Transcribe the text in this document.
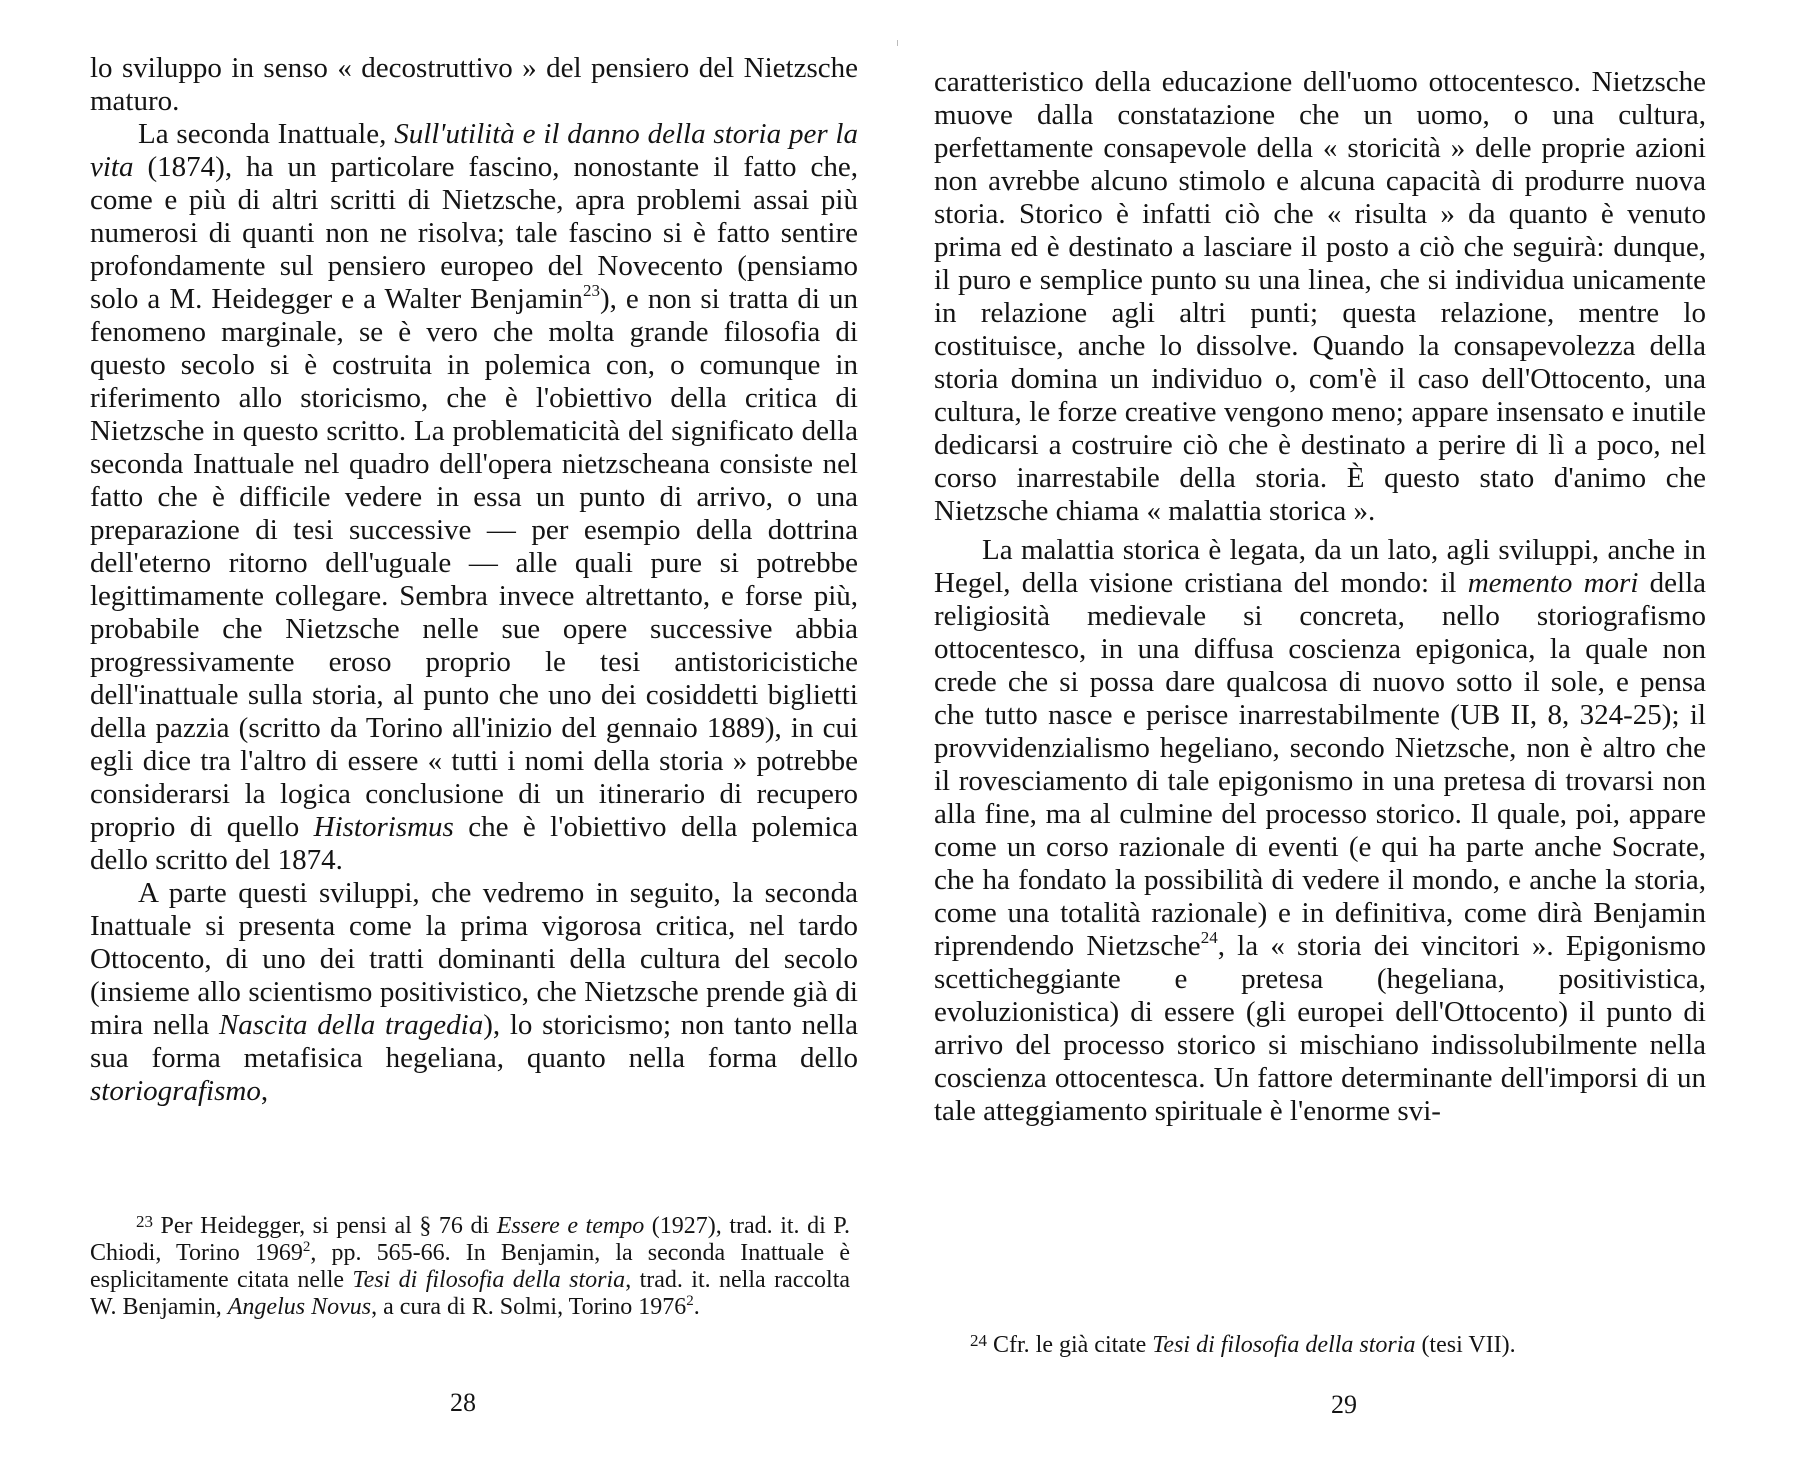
lo sviluppo in senso « decostruttivo » del pensiero del Nietzsche maturo.

La seconda Inattuale, Sull'utilità e il danno della storia per la vita (1874), ha un particolare fascino, nonostante il fatto che, come e più di altri scritti di Nietzsche, apra problemi assai più numerosi di quanti non ne risolva; tale fascino si è fatto sentire profondamente sul pensiero europeo del Novecento (pensiamo solo a M. Heidegger e a Walter Benjamin$^{23}$), e non si tratta di un fenomeno marginale, se è vero che molta grande filosofia di questo secolo si è costruita in polemica con, o comunque in riferimento allo storicismo, che è l'obiettivo della critica di Nietzsche in questo scritto. La problematicità del significato della seconda Inattuale nel quadro dell'opera nietzscheana consiste nel fatto che è difficile vedere in essa un punto di arrivo, o una preparazione di tesi successive — per esempio della dottrina dell'eterno ritorno dell'uguale — alle quali pure si potrebbe legittimamente collegare. Sembra invece altrettanto, e forse più, probabile che Nietzsche nelle sue opere successive abbia progressivamente eroso proprio le tesi antistoricistiche dell'inattuale sulla storia, al punto che uno dei cosiddetti biglietti della pazzia (scritto da Torino all'inizio del gennaio 1889), in cui egli dice tra l'altro di essere « tutti i nomi della storia » potrebbe considerarsi la logica conclusione di un itinerario di recupero proprio di quello Historismus che è l'obiettivo della polemica dello scritto del 1874.

A parte questi sviluppi, che vedremo in seguito, la seconda Inattuale si presenta come la prima vigorosa critica, nel tardo Ottocento, di uno dei tratti dominanti della cultura del secolo (insieme allo scientismo positivistico, che Nietzsche prende già di mira nella Nascita della tragedia), lo storicismo; non tanto nella sua forma metafisica hegeliana, quanto nella forma dello storiografismo,

$^{23}$ Per Heidegger, si pensi al § 76 di Essere e tempo (1927), trad. it. di P. Chiodi, Torino 1969$^2$, pp. 565-66. In Benjamin, la seconda Inattuale è esplicitamente citata nelle Tesi di filosofia della storia, trad. it. nella raccolta W. Benjamin, Angelus Novus, a cura di R. Solmi, Torino 1976$^2$.

28

caratteristico della educazione dell'uomo ottocentesco. Nietzsche muove dalla constatazione che un uomo, o una cultura, perfettamente consapevole della « storicità » delle proprie azioni non avrebbe alcuno stimolo e alcuna capacità di produrre nuova storia. Storico è infatti ciò che « risulta » da quanto è venuto prima ed è destinato a lasciare il posto a ciò che seguirà: dunque, il puro e semplice punto su una linea, che si individua unicamente in relazione agli altri punti; questa relazione, mentre lo costituisce, anche lo dissolve. Quando la consapevolezza della storia domina un individuo o, com'è il caso dell'Ottocento, una cultura, le forze creative vengono meno; appare insensato e inutile dedicarsi a costruire ciò che è destinato a perire di lì a poco, nel corso inarrestabile della storia. È questo stato d'animo che Nietzsche chiama « malattia storica ».

La malattia storica è legata, da un lato, agli sviluppi, anche in Hegel, della visione cristiana del mondo: il memento mori della religiosità medievale si concreta, nello storiografismo ottocentesco, in una diffusa coscienza epigonica, la quale non crede che si possa dare qualcosa di nuovo sotto il sole, e pensa che tutto nasce e perisce inarrestabilmente (UB II, 8, 324-25); il provvidenzialismo hegeliano, secondo Nietzsche, non è altro che il rovesciamento di tale epigonismo in una pretesa di trovarsi non alla fine, ma al culmine del processo storico. Il quale, poi, appare come un corso razionale di eventi (e qui ha parte anche Socrate, che ha fondato la possibilità di vedere il mondo, e anche la storia, come una totalità razionale) e in definitiva, come dirà Benjamin riprendendo Nietzsche$^{24}$, la « storia dei vincitori ». Epigonismo scetticheggiante e pretesa (hegeliana, positivistica, evoluzionistica) di essere (gli europei dell'Ottocento) il punto di arrivo del processo storico si mischiano indissolubilmente nella coscienza ottocentesca. Un fattore determinante dell'imporsi di un tale atteggiamento spirituale è l'enorme svi-

$^{24}$ Cfr. le già citate Tesi di filosofia della storia (tesi VII).

29
